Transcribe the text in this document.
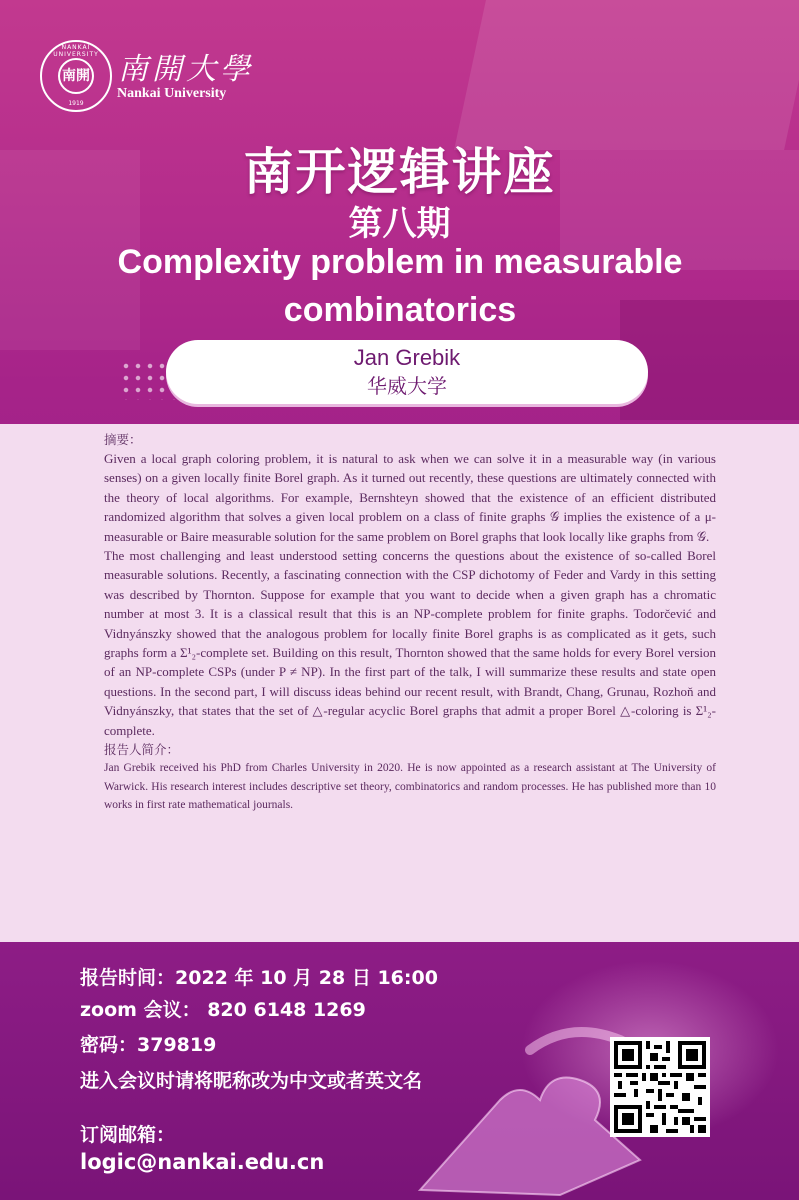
NANKAI UNIVERSITY
南開
1919
南開大學
Nankai University
南开逻辑讲座
第八期
Complexity problem in measurable combinatorics
Jan Grebik
华威大学
摘要：

Given a local graph coloring problem, it is natural to ask when we can solve it in a measurable way (in various senses) on a given locally finite Borel graph. As it turned out recently, these questions are ultimately connected with the theory of local algorithms. For example, Bernshteyn showed that the existence of an efficient distributed randomized algorithm that solves a given local problem on a class of finite graphs 𝒢 implies the existence of a μ-measurable or Baire measurable solution for the same problem on Borel graphs that look locally like graphs from 𝒢.

The most challenging and least understood setting concerns the questions about the existence of so-called Borel measurable solutions. Recently, a fascinating connection with the CSP dichotomy of Feder and Vardy in this setting was described by Thornton. Suppose for example that you want to decide when a given graph has a chromatic number at most 3. It is a classical result that this is an NP-complete problem for finite graphs. Todorčević and Vidnyánszky showed that the analogous problem for locally finite Borel graphs is as complicated as it gets, such graphs form a Σ¹₂-complete set. Building on this result, Thornton showed that the same holds for every Borel version of an NP-complete CSPs (under P ≠ NP). In the first part of the talk, I will summarize these results and state open questions. In the second part, I will discuss ideas behind our recent result, with Brandt, Chang, Grunau, Rozhoň and Vidnyánszky, that states that the set of △-regular acyclic Borel graphs that admit a proper Borel △-coloring is Σ¹₂-complete.

报告人简介：

Jan Grebik received his PhD from Charles University in 2020. He is now appointed as a research assistant at The University of Warwick. His research interest includes descriptive set theory, combinatorics and random processes. He has published more than 10 works in first rate mathematical journals.

报告时间：2022 年 10 月 28 日 16:00
zoom 会议： 820 6148 1269
密码：379819
进入会议时请将昵称改为中文或者英文名
订阅邮箱：
logic@nankai.edu.cn
